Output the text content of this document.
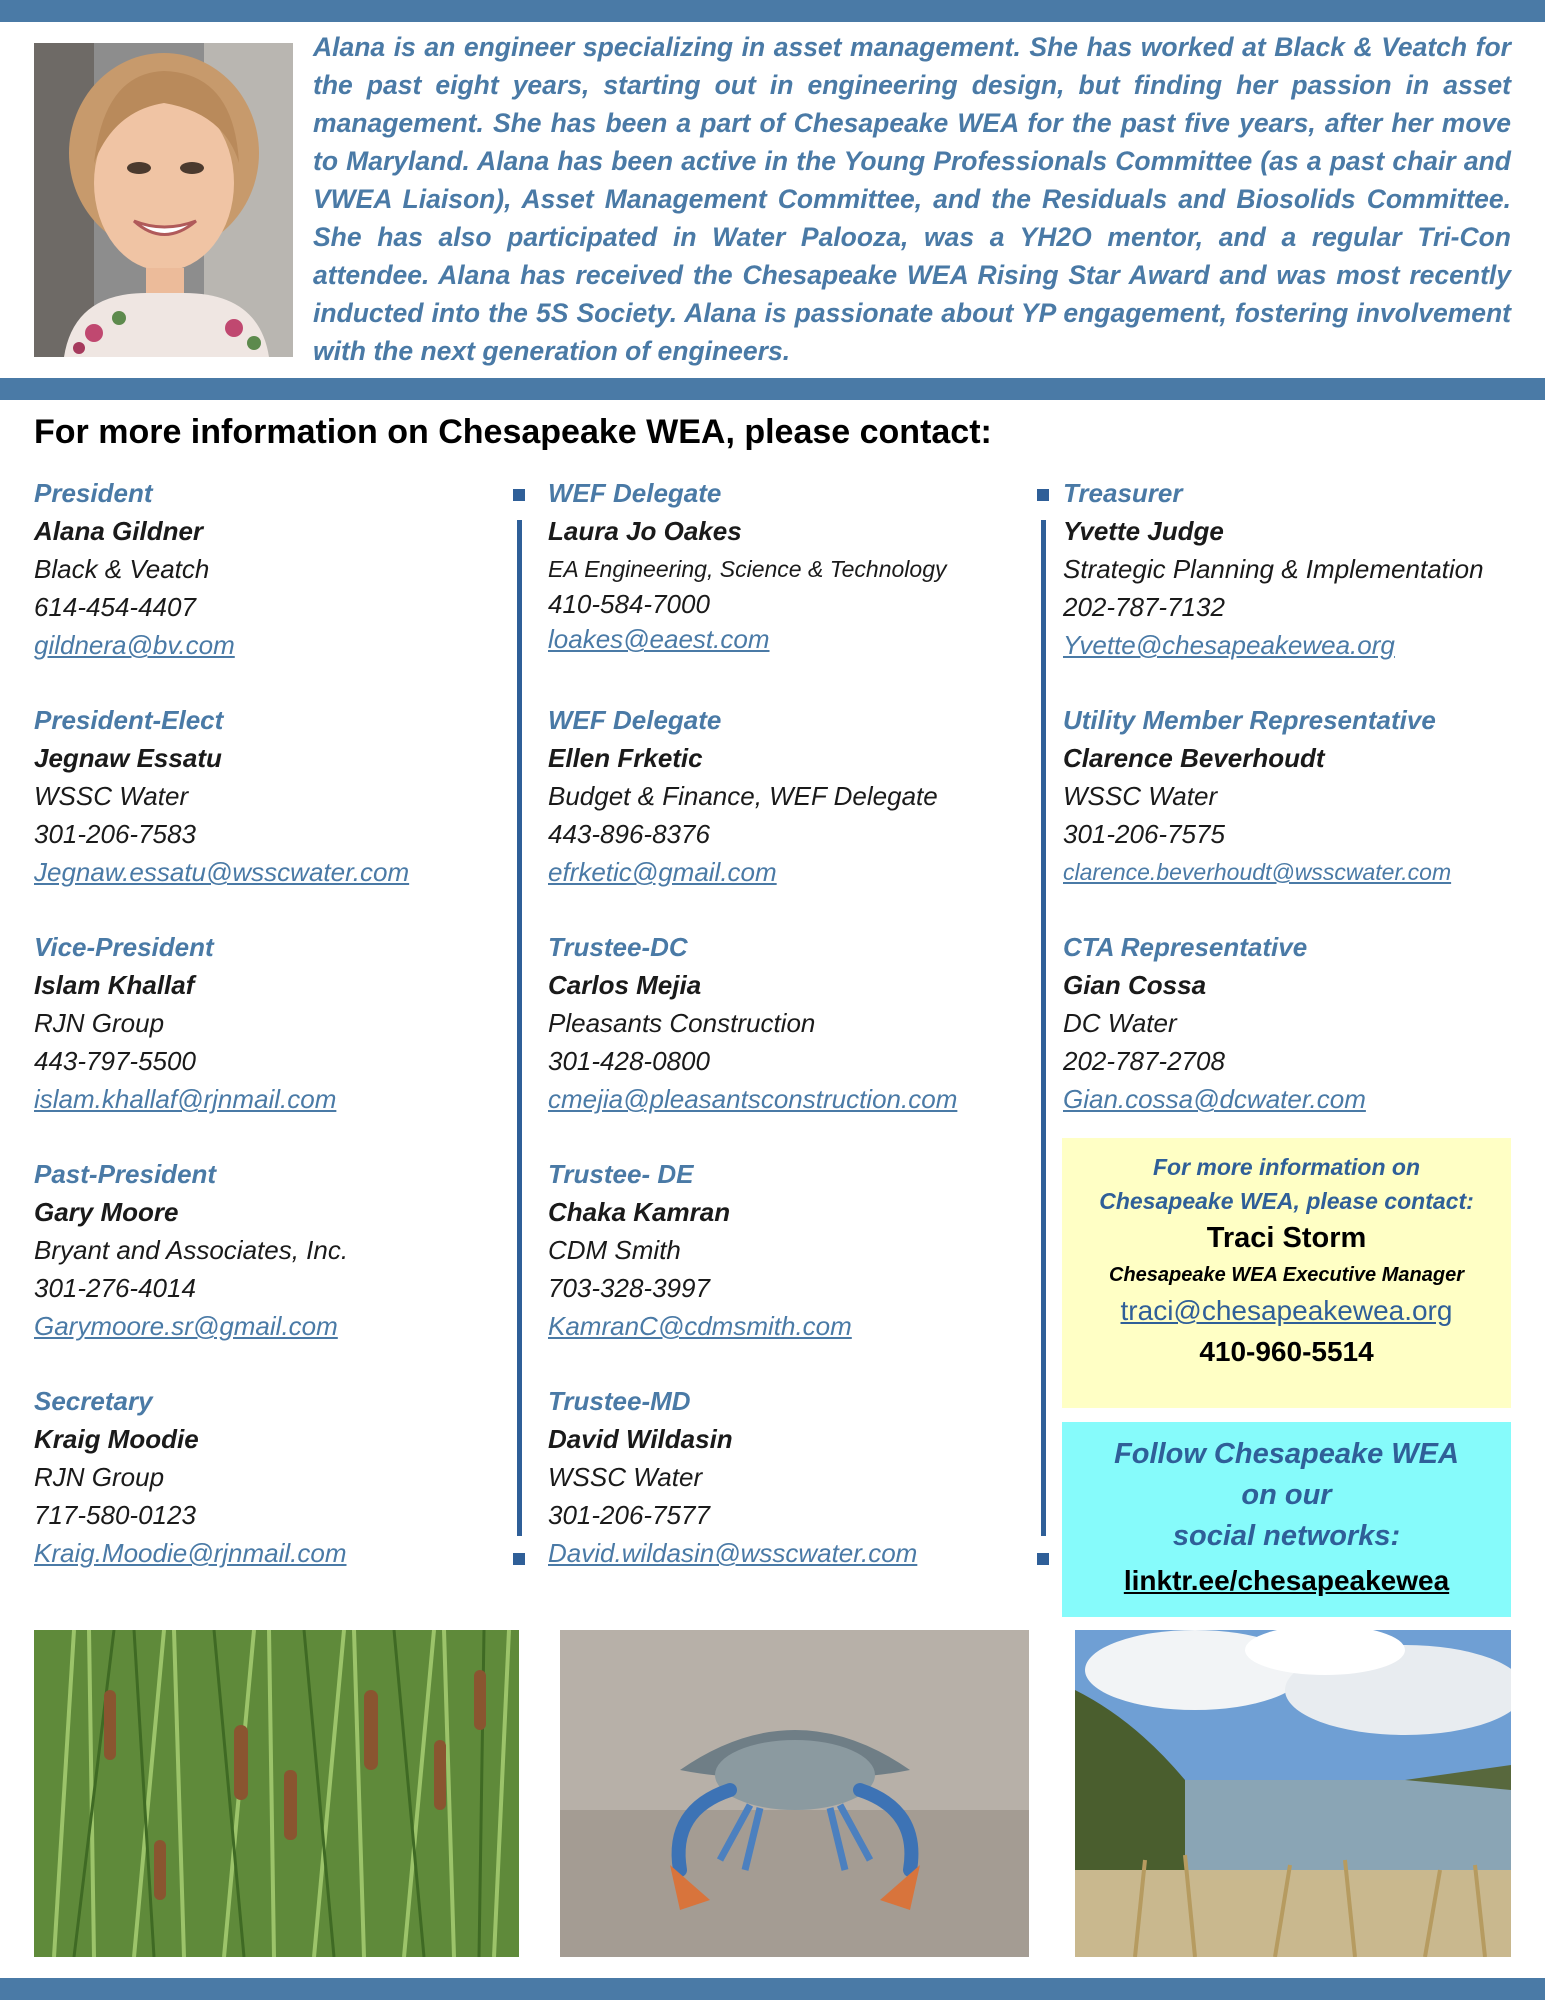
Alana is an engineer specializing in asset management. She has worked at Black & Veatch for the past eight years, starting out in engineering design, but finding her passion in asset management. She has been a part of Chesapeake WEA for the past five years, after her move to Maryland. Alana has been active in the Young Professionals Committee (as a past chair and VWEA Liaison), Asset Management Committee, and the Residuals and Biosolids Committee. She has also participated in Water Palooza, was a YH2O mentor, and a regular Tri-Con attendee. Alana has received the Chesapeake WEA Rising Star Award and was most recently inducted into the 5S Society. Alana is passionate about YP engagement, fostering involvement with the next generation of engineers.

For more information on Chesapeake WEA, please contact:
President
Alana Gildner
Black & Veatch
614-454-4407
gildnera@bv.com
President-Elect
Jegnaw Essatu
WSSC Water
301-206-7583
Jegnaw.essatu@wsscwater.com
Vice-President
Islam Khallaf
RJN Group
443-797-5500
islam.khallaf@rjnmail.com
Past-President
Gary Moore
Bryant and Associates, Inc.
301-276-4014
Garymoore.sr@gmail.com
Secretary
Kraig Moodie
RJN Group
717-580-0123
Kraig.Moodie@rjnmail.com
WEF Delegate
Laura Jo Oakes
EA Engineering, Science & Technology
410-584-7000
loakes@eaest.com
WEF Delegate
Ellen Frketic
Budget & Finance, WEF Delegate
443-896-8376
efrketic@gmail.com
Trustee-DC
Carlos Mejia
Pleasants Construction
301-428-0800
cmejia@pleasantsconstruction.com
Trustee- DE
Chaka Kamran
CDM Smith
703-328-3997
KamranC@cdmsmith.com
Trustee-MD
David Wildasin
WSSC Water
301-206-7577
David.wildasin@wsscwater.com
Treasurer
Yvette Judge
Strategic Planning & Implementation
202-787-7132
Yvette@chesapeakewea.org
Utility Member Representative
Clarence Beverhoudt
WSSC Water
301-206-7575
clarence.beverhoudt@wsscwater.com
CTA Representative
Gian Cossa
DC Water
202-787-2708
Gian.cossa@dcwater.com
For more information on
Chesapeake WEA, please contact:
Traci Storm
Chesapeake WEA Executive Manager
traci@chesapeakewea.org
410-960-5514
Follow Chesapeake WEA
on our
social networks:
linktr.ee/chesapeakewea
